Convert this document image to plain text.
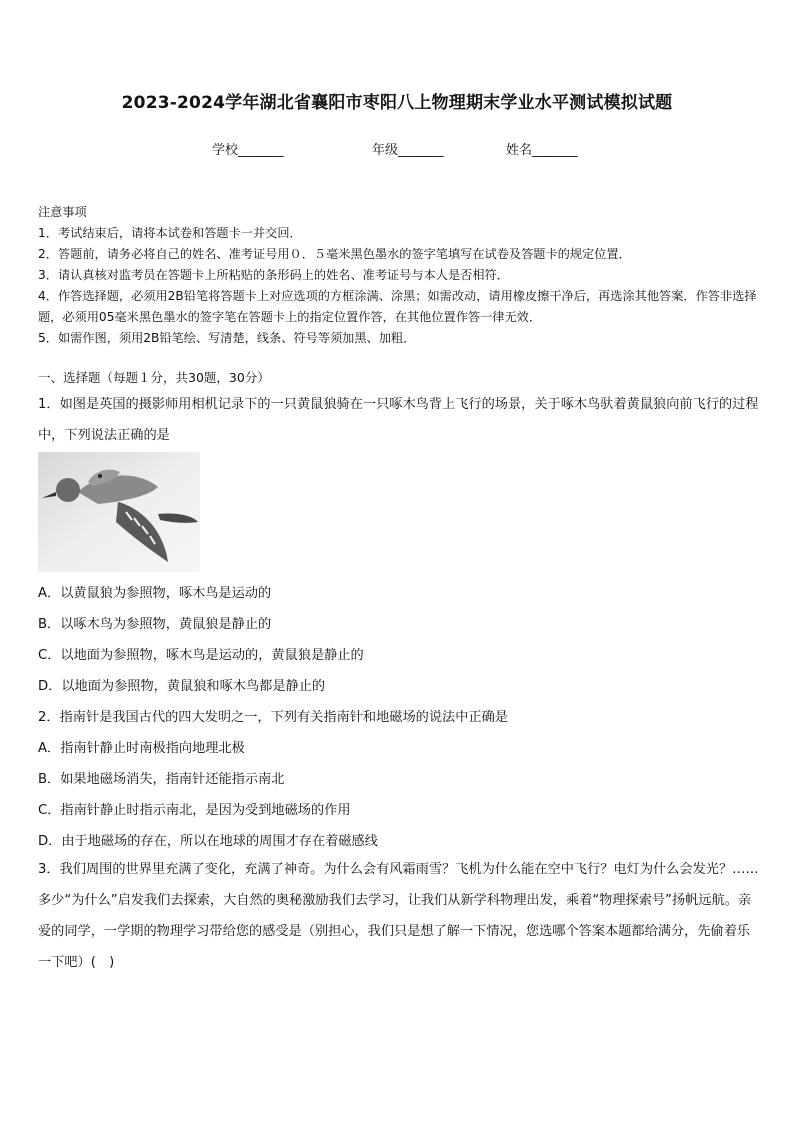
2023-2024学年湖北省襄阳市枣阳八上物理期末学业水平测试模拟试题
学校_______	年级_______	姓名_______
注意事项
1．考试结束后，请将本试卷和答题卡一并交回．
2．答题前，请务必将自己的姓名、准考证号用０．５毫米黑色墨水的签字笔填写在试卷及答题卡的规定位置．
3．请认真核对监考员在答题卡上所粘贴的条形码上的姓名、准考证号与本人是否相符．
4．作答选择题，必须用2B铅笔将答题卡上对应选项的方框涂满、涂黑；如需改动，请用橡皮擦干净后，再选涂其他答案．作答非选择题，必须用05毫米黑色墨水的签字笔在答题卡上的指定位置作答，在其他位置作答一律无效．
5．如需作图，须用2B铅笔绘、写清楚，线条、符号等须加黑、加粗．
一、选择题（每题１分，共30题，30分）
1．如图是英国的摄影师用相机记录下的一只黄鼠狼骑在一只啄木鸟背上飞行的场景，关于啄木鸟驮着黄鼠狼向前飞行的过程中，下列说法正确的是
A．以黄鼠狼为参照物，啄木鸟是运动的
B．以啄木鸟为参照物，黄鼠狼是静止的
C．以地面为参照物，啄木鸟是运动的，黄鼠狼是静止的
D．以地面为参照物，黄鼠狼和啄木鸟都是静止的
2．指南针是我国古代的四大发明之一，下列有关指南针和地磁场的说法中正确是
A．指南针静止时南极指向地理北极
B．如果地磁场消失，指南针还能指示南北
C．指南针静止时指示南北，是因为受到地磁场的作用
D．由于地磁场的存在，所以在地球的周围才存在着磁感线
3．我们周围的世界里充满了变化，充满了神奇。为什么会有风霜雨雪？飞机为什么能在空中飞行？电灯为什么会发光？……多少“为什么”启发我们去探索，大自然的奥秘激励我们去学习，让我们从新学科物理出发，乘着“物理探索号”扬帆远航。亲爱的同学，一学期的物理学习带给您的感受是（别担心，我们只是想了解一下情况，您选哪个答案本题都给满分，先偷着乐一下吧）(　)
